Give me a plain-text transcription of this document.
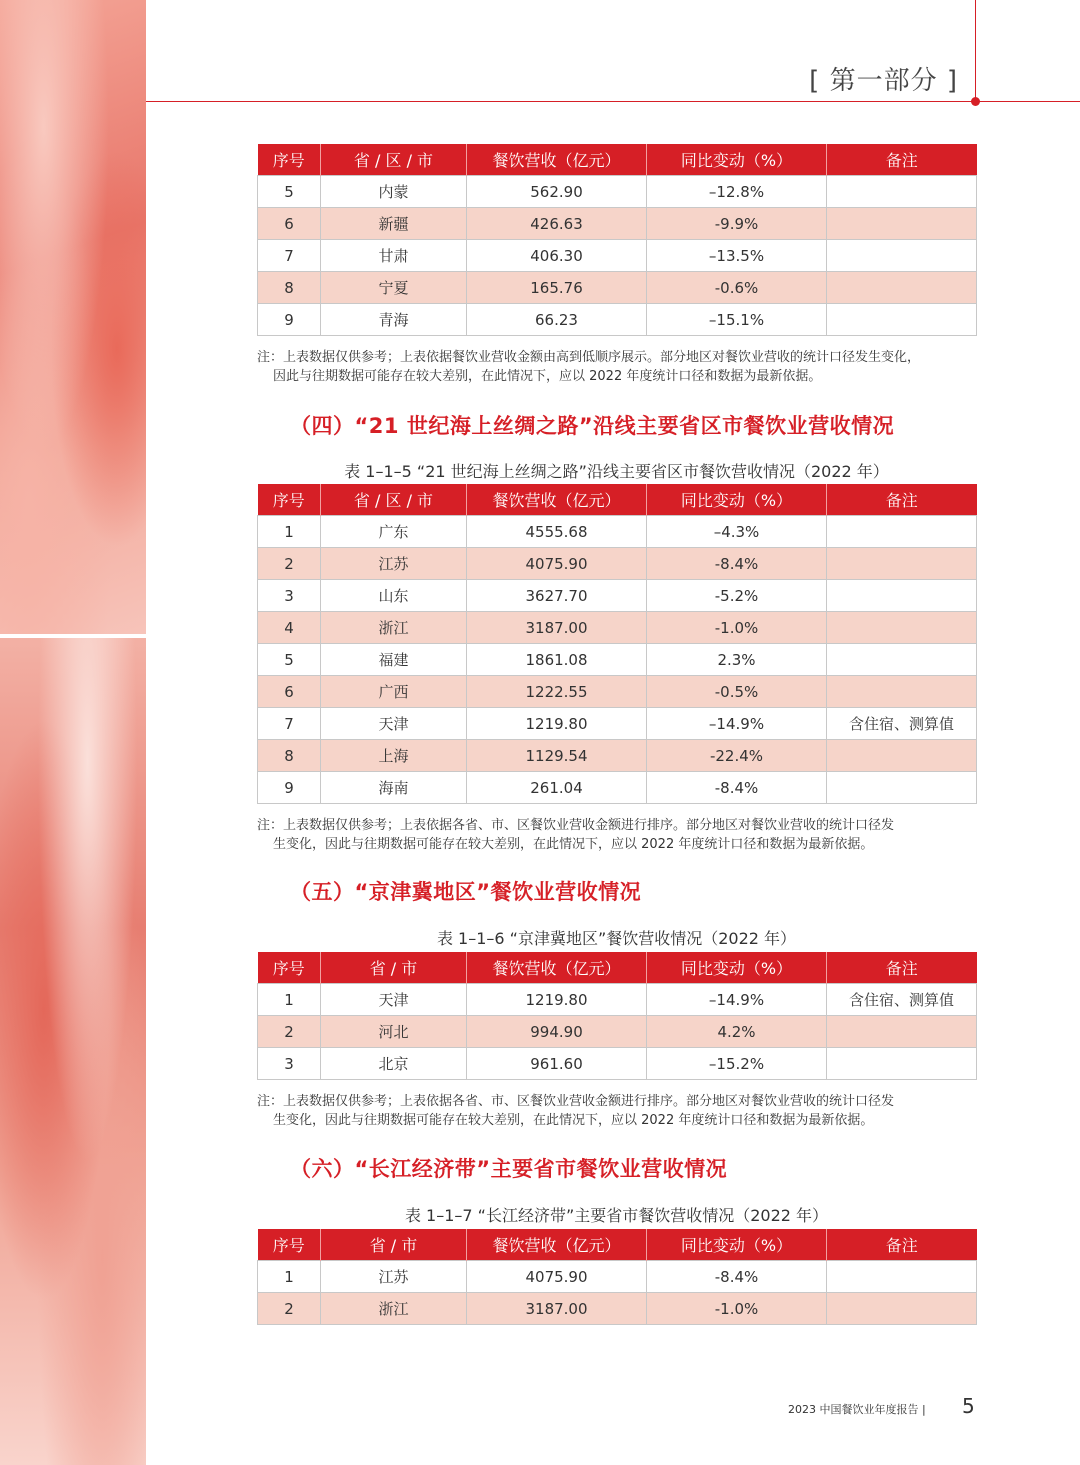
[ 第一部分 ]
序号	省 / 区 / 市	餐饮营收（亿元）	同比变动（%）	备注
5	内蒙	562.90	–12.8%	
6	新疆	426.63	-9.9%	
7	甘肃	406.30	–13.5%	
8	宁夏	165.76	-0.6%	
9	青海	66.23	–15.1%	
注：上表数据仅供参考；上表依据餐饮业营收金额由高到低顺序展示。部分地区对餐饮业营收的统计口径发生变化，
因此与往期数据可能存在较大差别，在此情况下，应以 2022 年度统计口径和数据为最新依据。
（四）“21 世纪海上丝绸之路”沿线主要省区市餐饮业营收情况
表 1–1–5 “21 世纪海上丝绸之路”沿线主要省区市餐饮营收情况（2022 年）
序号	省 / 区 / 市	餐饮营收（亿元）	同比变动（%）	备注
1	广东	4555.68	–4.3%	
2	江苏	4075.90	-8.4%	
3	山东	3627.70	-5.2%	
4	浙江	3187.00	-1.0%	
5	福建	1861.08	2.3%	
6	广西	1222.55	-0.5%	
7	天津	1219.80	–14.9%	含住宿、测算值
8	上海	1129.54	-22.4%	
9	海南	261.04	-8.4%	
注：上表数据仅供参考；上表依据各省、市、区餐饮业营收金额进行排序。部分地区对餐饮业营收的统计口径发
生变化，因此与往期数据可能存在较大差别，在此情况下，应以 2022 年度统计口径和数据为最新依据。
（五）“京津冀地区”餐饮业营收情况
表 1–1–6 “京津冀地区”餐饮营收情况（2022 年）
序号	省 / 市	餐饮营收（亿元）	同比变动（%）	备注
1	天津	1219.80	–14.9%	含住宿、测算值
2	河北	994.90	4.2%	
3	北京	961.60	–15.2%	
注：上表数据仅供参考；上表依据各省、市、区餐饮业营收金额进行排序。部分地区对餐饮业营收的统计口径发
生变化，因此与往期数据可能存在较大差别，在此情况下，应以 2022 年度统计口径和数据为最新依据。
（六）“长江经济带”主要省市餐饮业营收情况
表 1–1–7 “长江经济带”主要省市餐饮营收情况（2022 年）
序号	省 / 市	餐饮营收（亿元）	同比变动（%）	备注
1	江苏	4075.90	-8.4%	
2	浙江	3187.00	-1.0%	
2023 中国餐饮业年度报告 | 5
